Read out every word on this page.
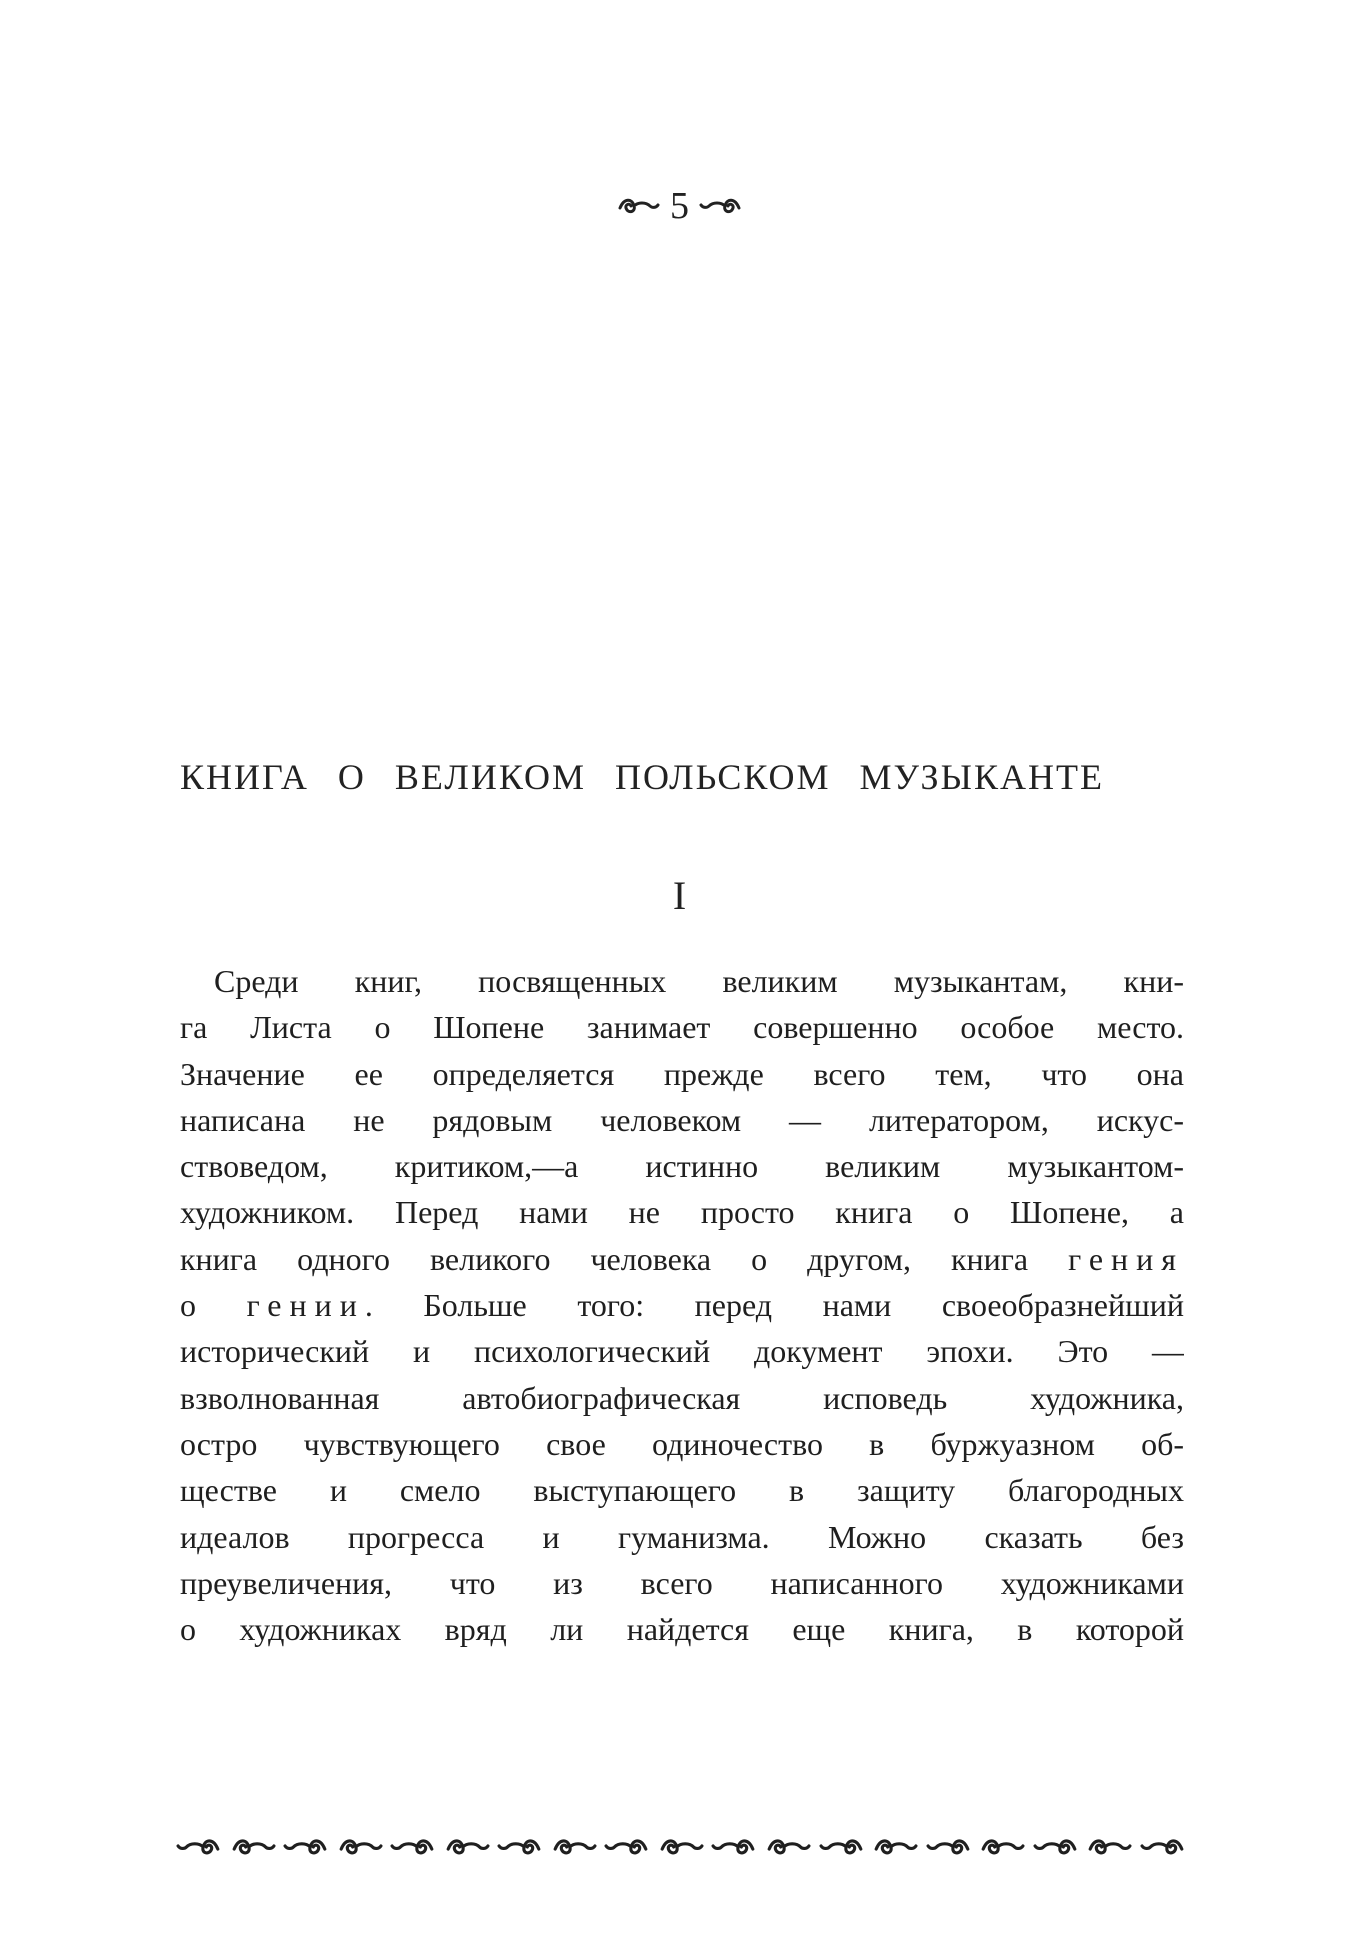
5
КНИГА О ВЕЛИКОМ ПОЛЬСКОМ МУЗЫКАНТЕ
I
Среди книг, посвященных великим музыкантам, кни-
га Листа о Шопене занимает совершенно особое место.
Значение ее определяется прежде всего тем, что она
написана не рядовым человеком — литератором, искус-
ствоведом, критиком,—а истинно великим музыкантом-
художником. Перед нами не просто книга о Шопене, а
книга одного великого человека о другом, книга гения
о гении. Больше того: перед нами своеобразнейший
исторический и психологический документ эпохи. Это —
взволнованная автобиографическая исповедь художника,
остро чувствующего свое одиночество в буржуазном об-
ществе и смело выступающего в защиту благородных
идеалов прогресса и гуманизма. Можно сказать без
преувеличения, что из всего написанного художниками
о художниках вряд ли найдется еще книга, в которой
